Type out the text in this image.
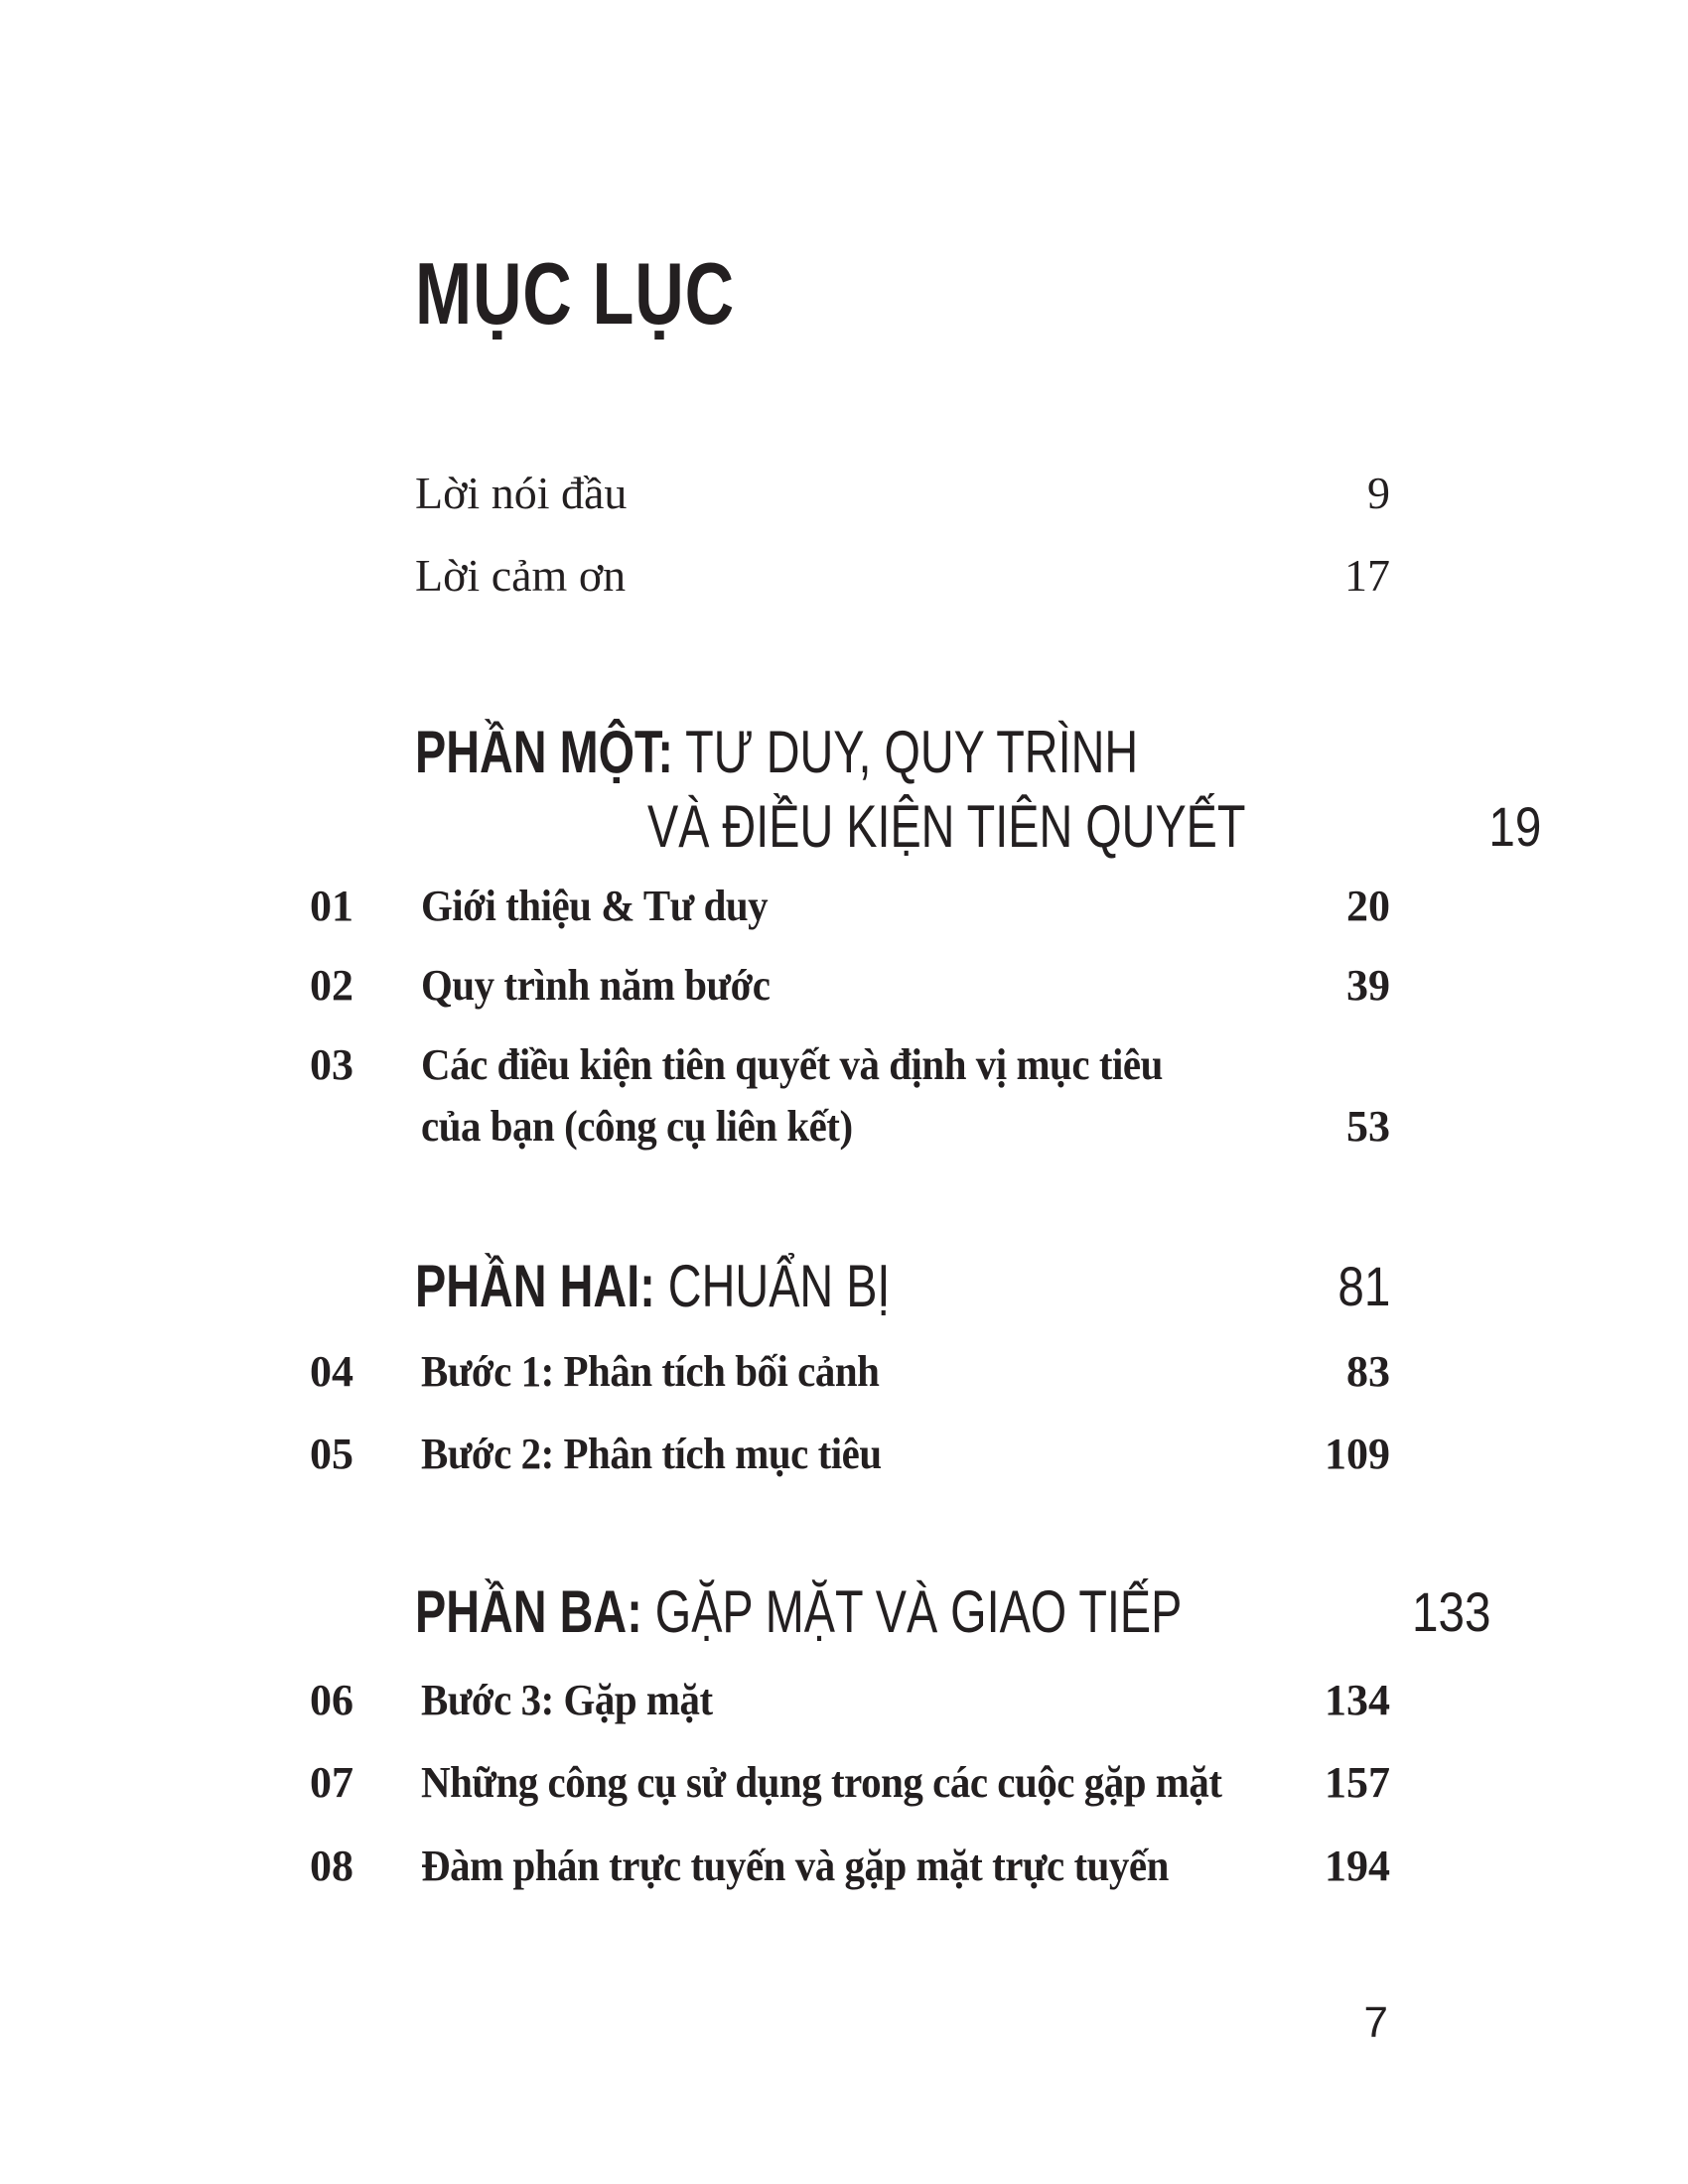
MỤC LỤC
Lời nói đầu	9
Lời cảm ơn	17
PHẦN MỘT: TƯ DUY, QUY TRÌNH
VÀ ĐIỀU KIỆN TIÊN QUYẾT	19
01	Giới thiệu & Tư duy	20
02	Quy trình năm bước	39
03	Các điều kiện tiên quyết và định vị mục tiêu
của bạn (công cụ liên kết)	53
PHẦN HAI: CHUẨN BỊ	81
04	Bước 1: Phân tích bối cảnh	83
05	Bước 2: Phân tích mục tiêu	109
PHẦN BA: GẶP MẶT VÀ GIAO TIẾP	133
06	Bước 3: Gặp mặt	134
07	Những công cụ sử dụng trong các cuộc gặp mặt	157
08	Đàm phán trực tuyến và gặp mặt trực tuyến	194
7
